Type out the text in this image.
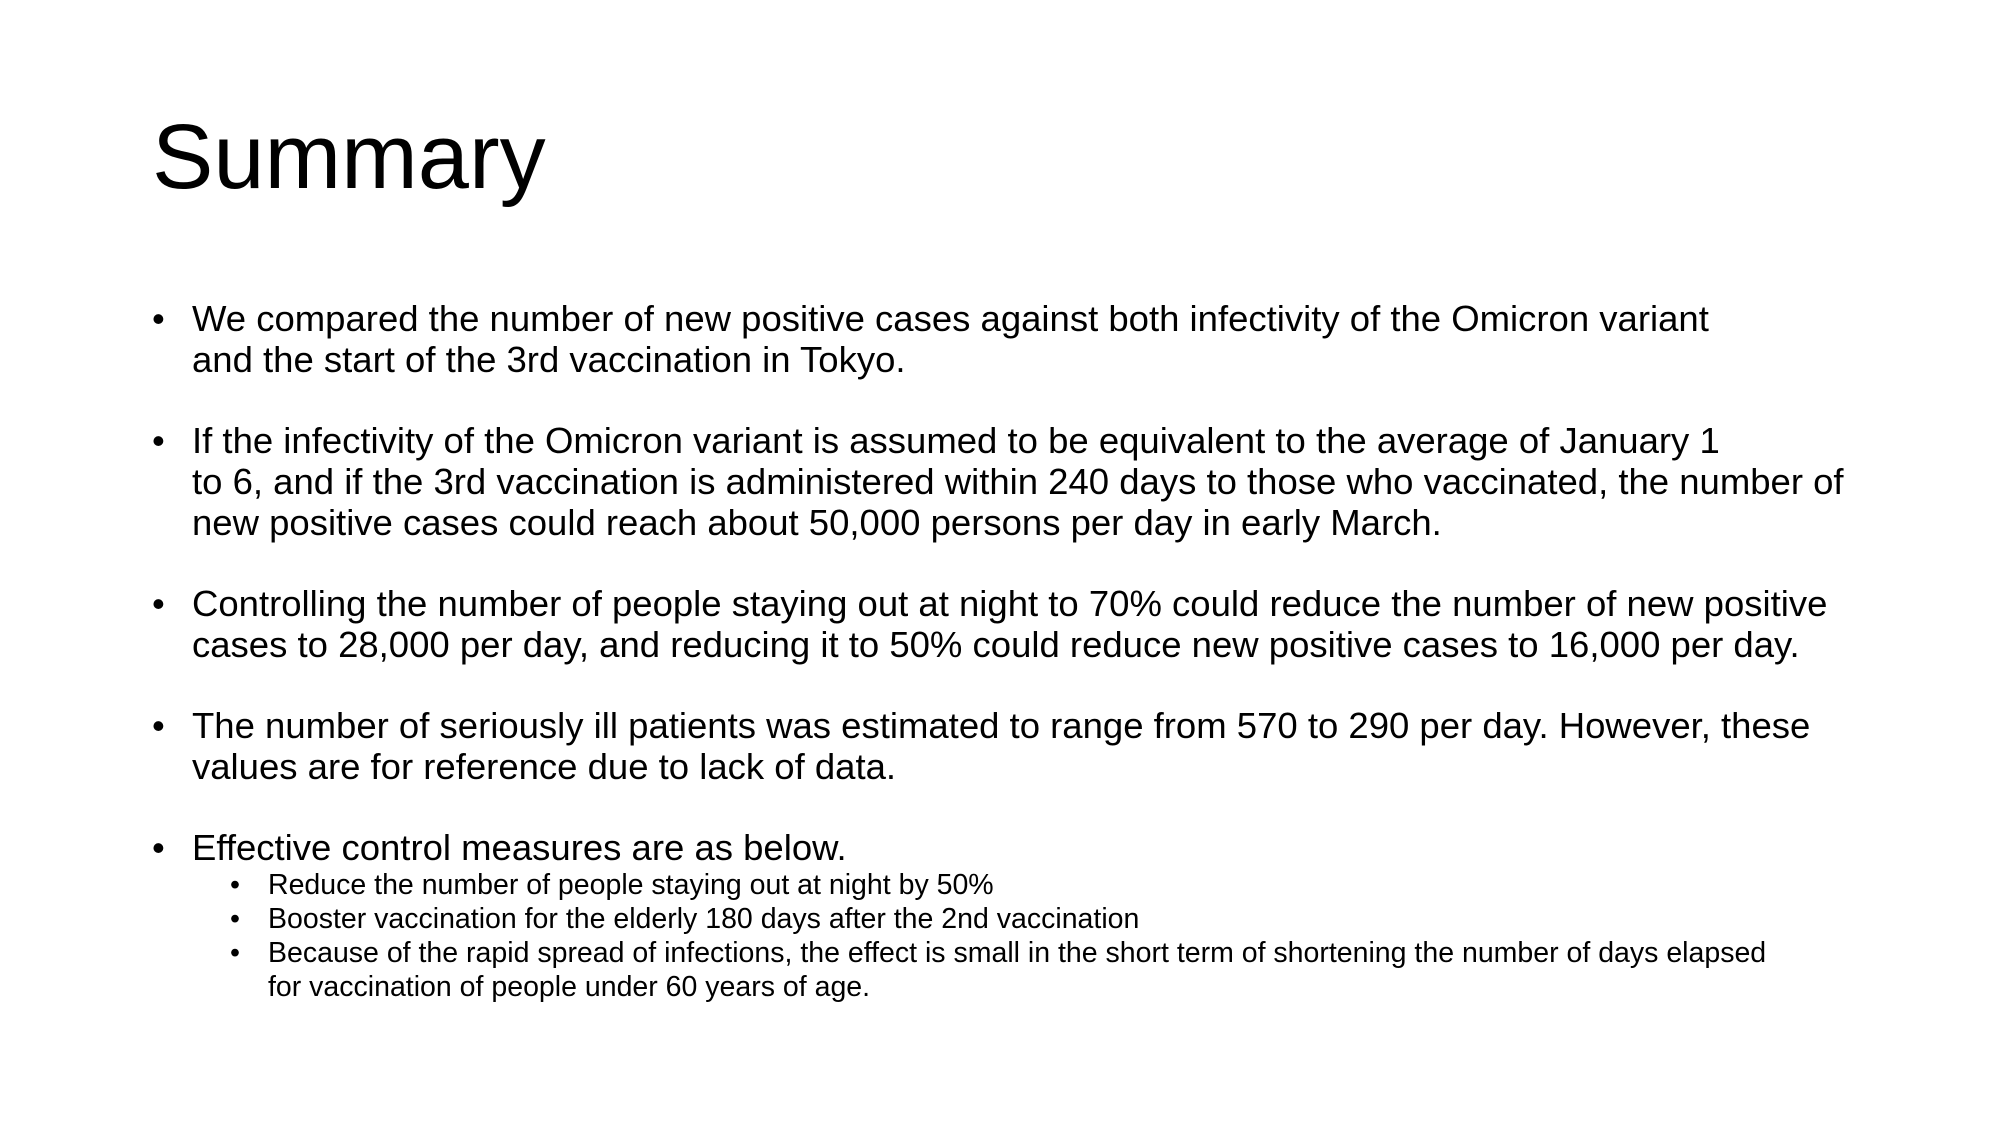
Summary
• We compared the number of new positive cases against both infectivity of the Omicron variant
and the start of the 3rd vaccination in Tokyo.
• If the infectivity of the Omicron variant is assumed to be equivalent to the average of January 1
to 6, and if the 3rd vaccination is administered within 240 days to those who vaccinated, the number of
new positive cases could reach about 50,000 persons per day in early March.
• Controlling the number of people staying out at night to 70% could reduce the number of new positive
cases to 28,000 per day, and reducing it to 50% could reduce new positive cases to 16,000 per day.
• The number of seriously ill patients was estimated to range from 570 to 290 per day. However, these
values are for reference due to lack of data.
• Effective control measures are as below.
• Reduce the number of people staying out at night by 50%
• Booster vaccination for the elderly 180 days after the 2nd vaccination
• Because of the rapid spread of infections, the effect is small in the short term of shortening the number of days elapsed
for vaccination of people under 60 years of age.
